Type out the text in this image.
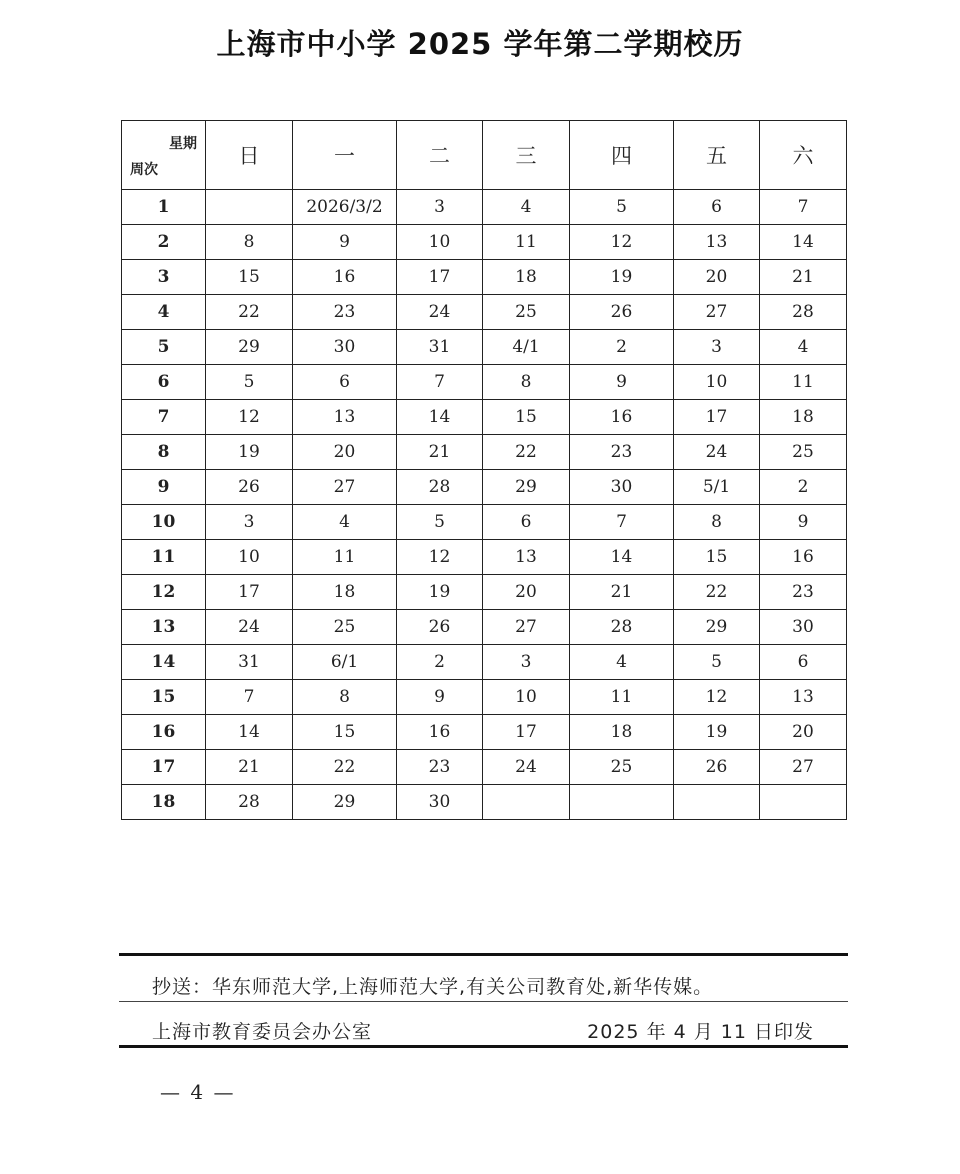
上海市中小学 2025 学年第二学期校历
星期
周次	日	一	二	三	四	五	六
1		2026/3/2	3	4	5	6	7
2	8	9	10	11	12	13	14
3	15	16	17	18	19	20	21
4	22	23	24	25	26	27	28
5	29	30	31	4/1	2	3	4
6	5	6	7	8	9	10	11
7	12	13	14	15	16	17	18
8	19	20	21	22	23	24	25
9	26	27	28	29	30	5/1	2
10	3	4	5	6	7	8	9
11	10	11	12	13	14	15	16
12	17	18	19	20	21	22	23
13	24	25	26	27	28	29	30
14	31	6/1	2	3	4	5	6
15	7	8	9	10	11	12	13
16	14	15	16	17	18	19	20
17	21	22	23	24	25	26	27
18	28	29	30				
抄送：华东师范大学,上海师范大学,有关公司教育处,新华传媒。
上海市教育委员会办公室	2025 年 4 月 11 日印发
— 4 —
